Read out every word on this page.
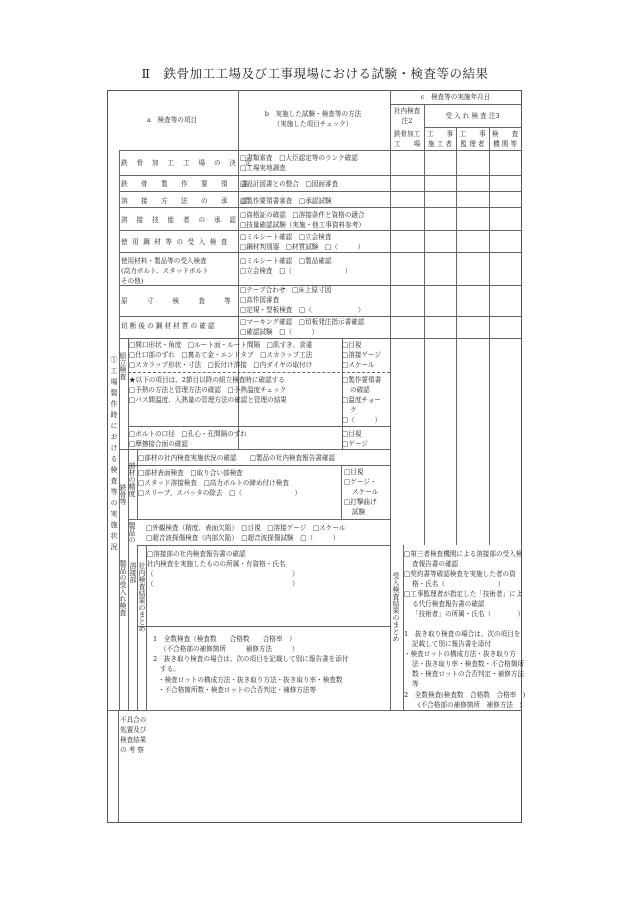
Ⅱ　鉄骨加工工場及び工事現場における試験・検査等の結果
a　検査等の項目
b　実施した試験・検査等の方法
（実施した項目チェック）
c　検査等の実施年月日
社内検査
注2
受 入 れ 検 査 注3
鉄骨加工
工　　場
工　　事
施 工 者
工　　事
監 理 者
検　　査
機 関 等
①工場製作時における検査等の実施状況 組立検査
部材の精度
鉄骨等
製品の
製品の受入れ検査 溶接部 社内検査結果のまとめ	受入検査結果のまとめ
不具合の
処置及び
検査結果
の 考 察
鉄 骨 加 工 工 場 の 決 定
□書類審査　□大臣認定等のランク確認
□工場実地調査
鉄　骨　製　作　要　領　書
□設計図書との整合　□図面審査
溶　接　方　法　の　承　認
□製作要領書審査　□承認試験
溶 接 技 能 者 の 承 認
□資格証の確認　□溶接条件と資格の適合
□技量確認試験（実施・他工事資料参考）
使 用 鋼 材 等 の 受 入 検 査
□ミルシート確認　□立会検査
□鋼材判別器　□材質試験　□（　　　）
使用材料・製品等の受入検査
(高力ボルト、スタッドボルト
その他)
□ミルシート確認　□製品確認
□立会検査　□（　　　　　　　　）
原　　寸　　検　　査　　等
□テープ合わせ　□床上原寸図
□高作図審査
□定規・型板検査　□（　　　　　　　）
切 断 後 の 鋼 材 材 質 の 確 認	□マーキング確認　□切板発注指示書確認
□確認試験　□（　　　）
□開口形状・角度　□ルート面・ルート間隔　□肌すき、食違
□仕口部のずれ　□裏あて金・エンドタブ　□スカラップ工法
□スカラップ形状・寸法　□仮付け溶接　□内ダイヤの取付け
□目視
□溶接ゲージ
□スケール
★以下の項目は、2節目以降の組立検査時に確認する
□予熱の方法と管理方法の確認　□予熱温度チェック
□パス間温度、入熱量の管理方法の確認と管理の結果
□製作要領書
の確認
□温度チョー
ク
□（　　　）
□ボルトの口径　□孔心・孔間隔のずれ
□摩擦接合面の確認
□目視
□ゲージ
□部材の社内検査実施状況の確認　　□製品の社内検査報告書確認
□部材表面検査　□取り合い部検査
□スタッド溶接検査　□高力ボルトの締め付け検査
□スリーブ、スパッタの除去　□（　　　　　　　　）
□目視
□ゲージ・
スケール
□打撃曲げ
試験
□外観検査（精度、表面欠陥）　□目視　□溶接ゲージ　□スケール
□超音波探傷検査（内部欠陥）　□超音波探傷試験　□（　　　）
□溶接部の社内検査報告書の確認
社内検査を実施したものの所属・有資格・氏名
（　　　　　　　　　　　　　　　　　　　　　）
（　　　　　　　　　　　　　　　　　　　　　）
1　全数検査（検査数　　合格数　　合格率　）
（不合格部の補修箇所　　　補修方法　　　）
2　抜き取り検査の場合は、次の項目を記載して別に報告書を添付
する。
・検査ロットの構成方法・抜き取り方法・抜き取り率・検査数
・不合格箇所数・検査ロットの合否判定・補修方法等
□第三者検査機関による溶接部の受入検
査報告書の確認
□契約書等確認検査を実施した者の資
格・氏名（　　　　　　　　）
□工事監理者が指定した「技術者」によ
る代行検査報告書の確認
「技術者」の所属・氏名（　　　　）
1　抜き取り検査の場合は、次の項目を
記載して別に報告書を添付
・検査ロットの構成方法・抜き取り方
法・抜き取り率・検査数・不合格箇所
数・検査ロットの合否判定・補修方法
等
2　全数検査(検査数　合格数　合格率　)
(不合格部の補修箇所　補修方法　)
